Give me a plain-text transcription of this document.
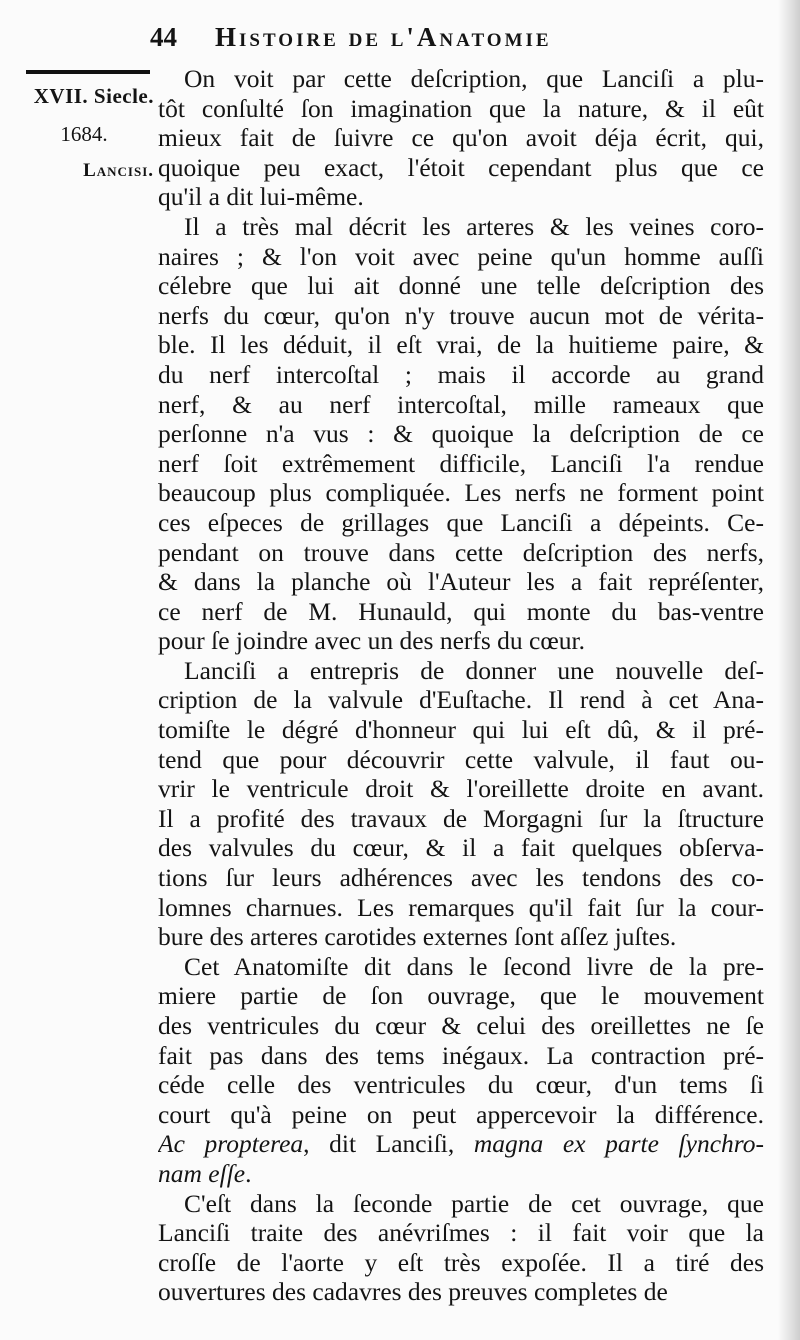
44 Histoire de l'Anatomie
XVII. Siecle.
1684.
Lancisi.

On voit par cette deſcription, que Lanciſi a plu-
tôt conſulté ſon imagination que la nature, & il eût
mieux fait de ſuivre ce qu'on avoit déja écrit, qui,
quoique peu exact, l'étoit cependant plus que ce
qu'il a dit lui-même.

Il a très mal décrit les arteres & les veines coro-
naires ; & l'on voit avec peine qu'un homme auſſi
célebre que lui ait donné une telle deſcription des
nerfs du cœur, qu'on n'y trouve aucun mot de vérita-
ble. Il les déduit, il eſt vrai, de la huitieme paire, &
du nerf intercoſtal ; mais il accorde au grand
nerf, & au nerf intercoſtal, mille rameaux que
perſonne n'a vus : & quoique la deſcription de ce
nerf ſoit extrêmement difficile, Lanciſi l'a rendue
beaucoup plus compliquée. Les nerfs ne forment point
ces eſpeces de grillages que Lanciſi a dépeints. Ce-
pendant on trouve dans cette deſcription des nerfs,
& dans la planche où l'Auteur les a fait repréſenter,
ce nerf de M. Hunauld, qui monte du bas-ventre
pour ſe joindre avec un des nerfs du cœur.

Lanciſi a entrepris de donner une nouvelle deſ-
cription de la valvule d'Euſtache. Il rend à cet Ana-
tomiſte le dégré d'honneur qui lui eſt dû, & il pré-
tend que pour découvrir cette valvule, il faut ou-
vrir le ventricule droit & l'oreillette droite en avant.
Il a profité des travaux de Morgagni ſur la ſtructure
des valvules du cœur, & il a fait quelques obſerva-
tions ſur leurs adhérences avec les tendons des co-
lomnes charnues. Les remarques qu'il fait ſur la cour-
bure des arteres carotides externes ſont aſſez juſtes.

Cet Anatomiſte dit dans le ſecond livre de la pre-
miere partie de ſon ouvrage, que le mouvement
des ventricules du cœur & celui des oreillettes ne ſe
fait pas dans des tems inégaux. La contraction pré-
céde celle des ventricules du cœur, d'un tems ſi
court qu'à peine on peut appercevoir la différence.
Ac propterea, dit Lanciſi, magna ex parte ſynchro-
nam eſſe.

C'eſt dans la ſeconde partie de cet ouvrage, que
Lanciſi traite des anévriſmes : il fait voir que la
croſſe de l'aorte y eſt très expoſée. Il a tiré des
ouvertures des cadavres des preuves completes de
